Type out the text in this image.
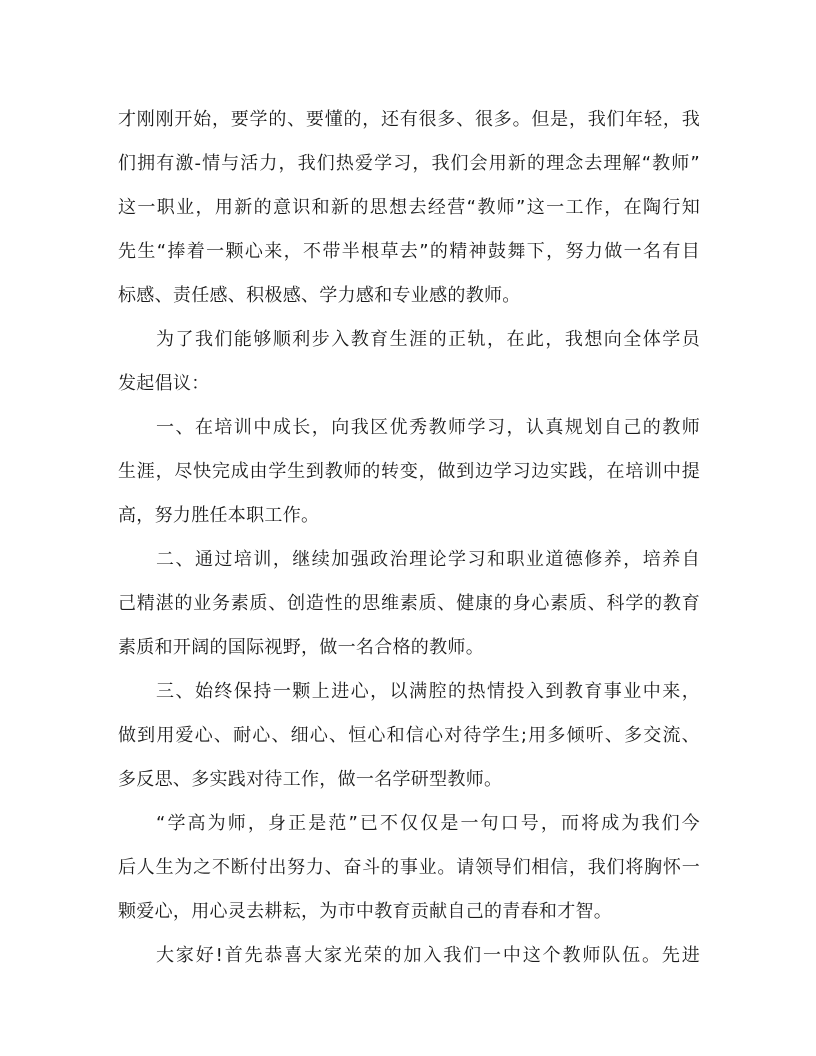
才刚刚开始，要学的、要懂的，还有很多、很多。但是，我们年轻，我
们拥有激-情与活力，我们热爱学习，我们会用新的理念去理解“教师”
这一职业，用新的意识和新的思想去经营“教师”这一工作，在陶行知
先生“捧着一颗心来，不带半根草去”的精神鼓舞下，努力做一名有目
标感、责任感、积极感、学力感和专业感的教师。
为了我们能够顺利步入教育生涯的正轨，在此，我想向全体学员
发起倡议：
一、在培训中成长，向我区优秀教师学习，认真规划自己的教师
生涯，尽快完成由学生到教师的转变，做到边学习边实践，在培训中提
高，努力胜任本职工作。
二、通过培训，继续加强政治理论学习和职业道德修养，培养自
己精湛的业务素质、创造性的思维素质、健康的身心素质、科学的教育
素质和开阔的国际视野，做一名合格的教师。
三、始终保持一颗上进心，以满腔的热情投入到教育事业中来，
做到用爱心、耐心、细心、恒心和信心对待学生;用多倾听、多交流、
多反思、多实践对待工作，做一名学研型教师。
“学高为师，身正是范”已不仅仅是一句口号，而将成为我们今
后人生为之不断付出努力、奋斗的事业。请领导们相信，我们将胸怀一
颗爱心，用心灵去耕耘，为市中教育贡献自己的青春和才智。
大家好!首先恭喜大家光荣的加入我们一中这个教师队伍。先进
